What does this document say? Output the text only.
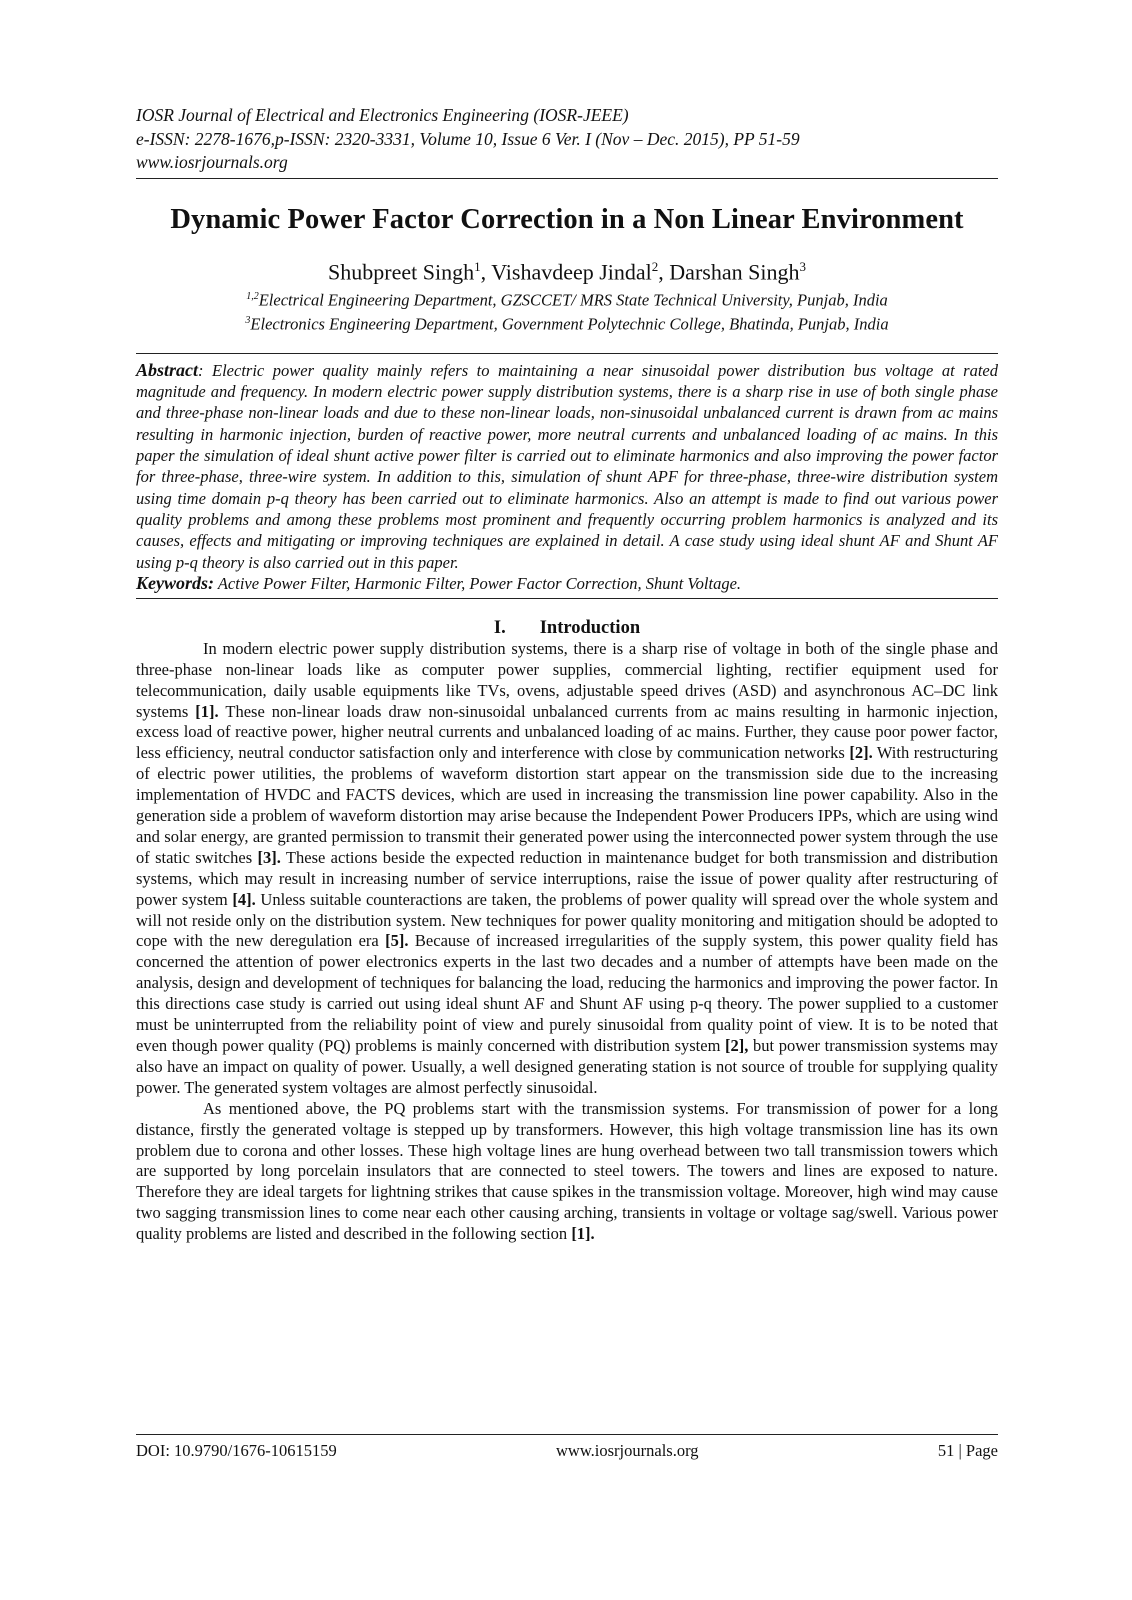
IOSR Journal of Electrical and Electronics Engineering (IOSR-JEEE)
e-ISSN: 2278-1676,p-ISSN: 2320-3331, Volume 10, Issue 6 Ver. I (Nov – Dec. 2015), PP 51-59
www.iosrjournals.org
Dynamic Power Factor Correction in a Non Linear Environment
Shubpreet Singh$^1$, Vishavdeep Jindal$^2$, Darshan Singh$^3$
$^{1,2}$Electrical Engineering Department, GZSCCET/ MRS State Technical University, Punjab, India
$^3$Electronics Engineering Department, Government Polytechnic College, Bhatinda, Punjab, India
Abstract: Electric power quality mainly refers to maintaining a near sinusoidal power distribution bus voltage at rated magnitude and frequency. In modern electric power supply distribution systems, there is a sharp rise in use of both single phase and three-phase non-linear loads and due to these non-linear loads, non-sinusoidal unbalanced current is drawn from ac mains resulting in harmonic injection, burden of reactive power, more neutral currents and unbalanced loading of ac mains. In this paper the simulation of ideal shunt active power filter is carried out to eliminate harmonics and also improving the power factor for three-phase, three-wire system. In addition to this, simulation of shunt APF for three-phase, three-wire distribution system using time domain p-q theory has been carried out to eliminate harmonics. Also an attempt is made to find out various power quality problems and among these problems most prominent and frequently occurring problem harmonics is analyzed and its causes, effects and mitigating or improving techniques are explained in detail. A case study using ideal shunt AF and Shunt AF using p-q theory is also carried out in this paper.
Keywords: Active Power Filter, Harmonic Filter, Power Factor Correction, Shunt Voltage.
I. Introduction

In modern electric power supply distribution systems, there is a sharp rise of voltage in both of the single phase and three-phase non-linear loads like as computer power supplies, commercial lighting, rectifier equipment used for telecommunication, daily usable equipments like TVs, ovens, adjustable speed drives (ASD) and asynchronous AC–DC link systems [1]. These non-linear loads draw non-sinusoidal unbalanced currents from ac mains resulting in harmonic injection, excess load of reactive power, higher neutral currents and unbalanced loading of ac mains. Further, they cause poor power factor, less efficiency, neutral conductor satisfaction only and interference with close by communication networks [2]. With restructuring of electric power utilities, the problems of waveform distortion start appear on the transmission side due to the increasing implementation of HVDC and FACTS devices, which are used in increasing the transmission line power capability. Also in the generation side a problem of waveform distortion may arise because the Independent Power Producers IPPs, which are using wind and solar energy, are granted permission to transmit their generated power using the interconnected power system through the use of static switches [3]. These actions beside the expected reduction in maintenance budget for both transmission and distribution systems, which may result in increasing number of service interruptions, raise the issue of power quality after restructuring of power system [4]. Unless suitable counteractions are taken, the problems of power quality will spread over the whole system and will not reside only on the distribution system. New techniques for power quality monitoring and mitigation should be adopted to cope with the new deregulation era [5]. Because of increased irregularities of the supply system, this power quality field has concerned the attention of power electronics experts in the last two decades and a number of attempts have been made on the analysis, design and development of techniques for balancing the load, reducing the harmonics and improving the power factor. In this directions case study is carried out using ideal shunt AF and Shunt AF using p-q theory. The power supplied to a customer must be uninterrupted from the reliability point of view and purely sinusoidal from quality point of view. It is to be noted that even though power quality (PQ) problems is mainly concerned with distribution system [2], but power transmission systems may also have an impact on quality of power. Usually, a well designed generating station is not source of trouble for supplying quality power. The generated system voltages are almost perfectly sinusoidal.

As mentioned above, the PQ problems start with the transmission systems. For transmission of power for a long distance, firstly the generated voltage is stepped up by transformers. However, this high voltage transmission line has its own problem due to corona and other losses. These high voltage lines are hung overhead between two tall transmission towers which are supported by long porcelain insulators that are connected to steel towers. The towers and lines are exposed to nature. Therefore they are ideal targets for lightning strikes that cause spikes in the transmission voltage. Moreover, high wind may cause two sagging transmission lines to come near each other causing arching, transients in voltage or voltage sag/swell. Various power quality problems are listed and described in the following section [1].

DOI: 10.9790/1676-10615159	www.iosrjournals.org	51 | Page
